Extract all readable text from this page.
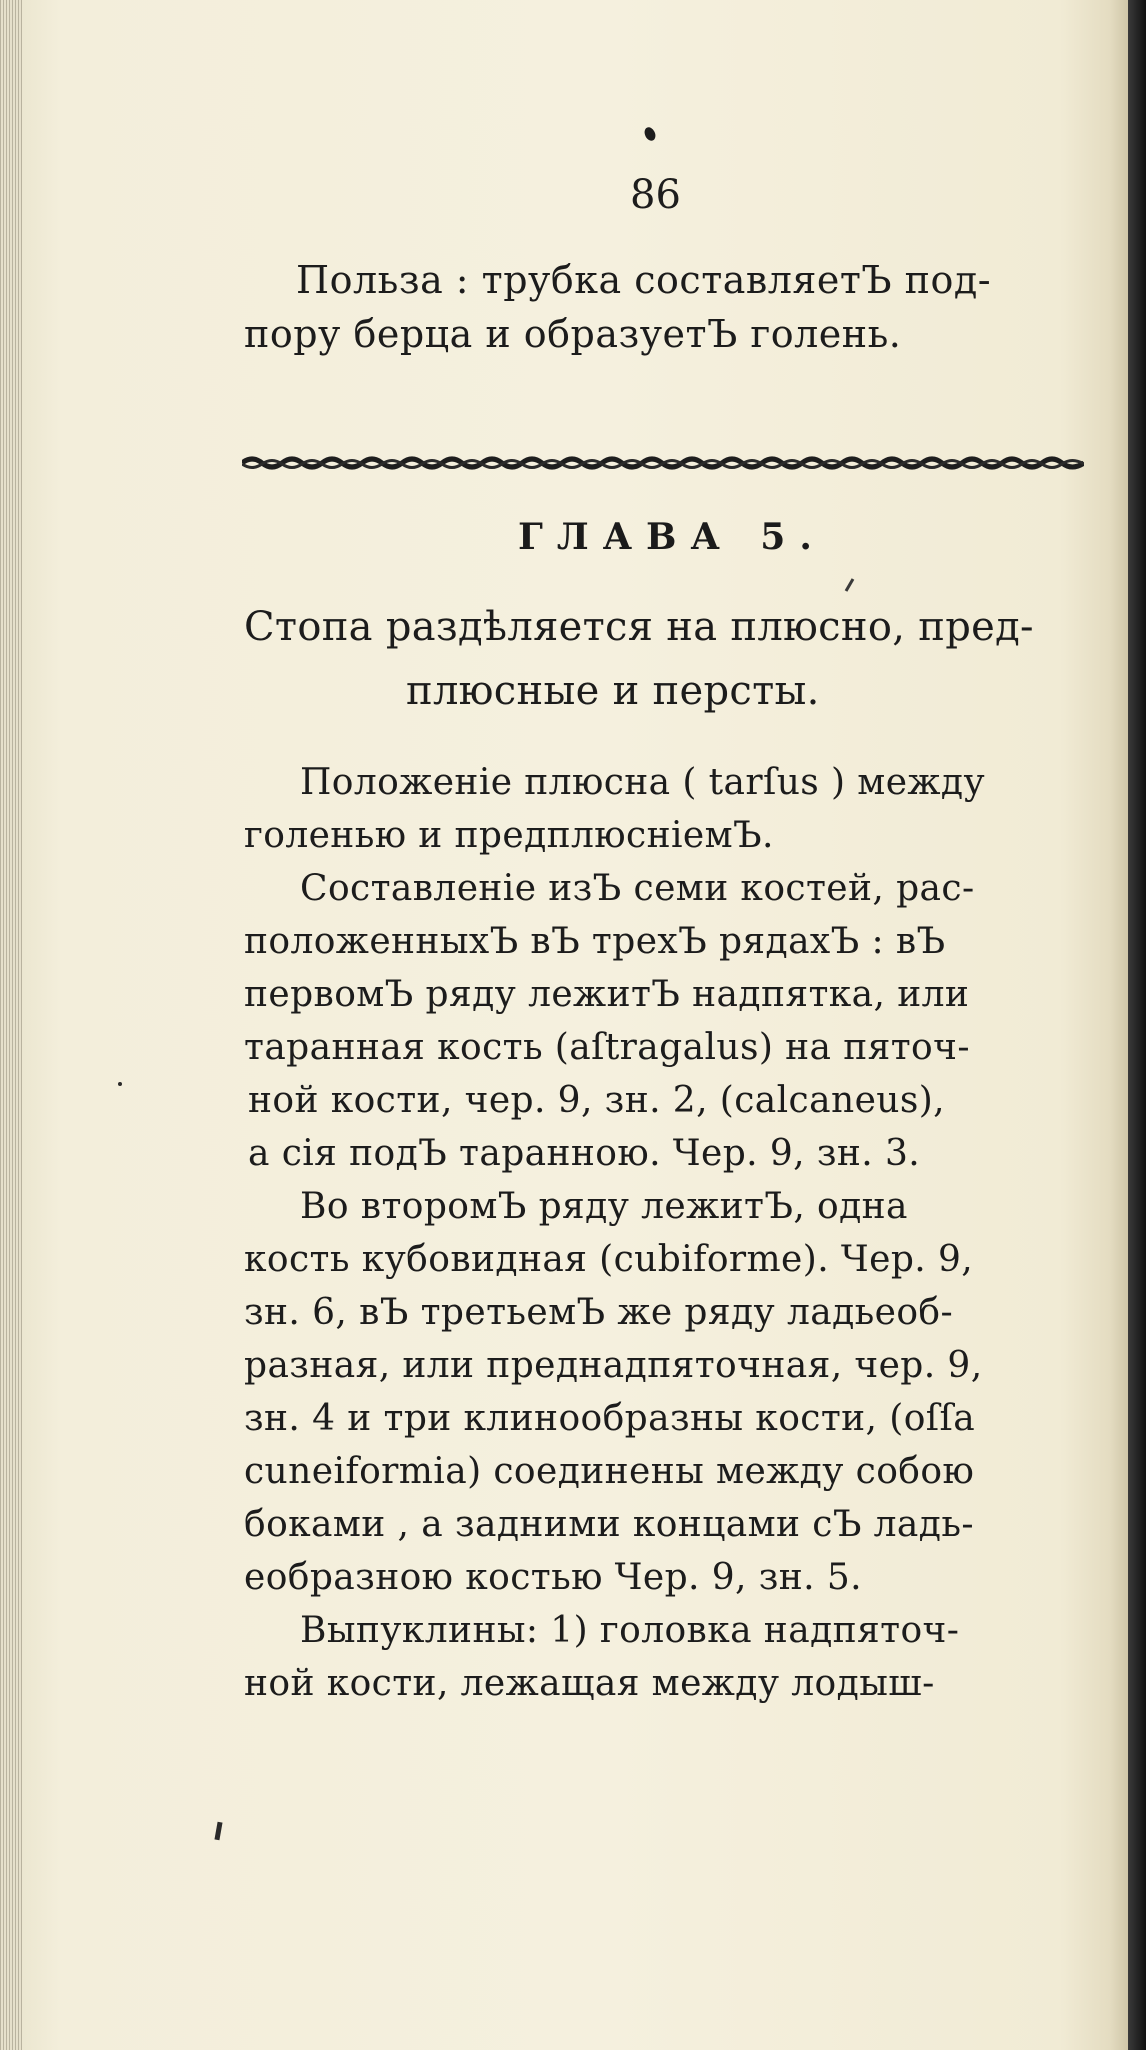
86
Польза : трубка составляетЪ под-
пору берца и образуетЪ голень.
ГЛАВА 5.
Стопа раздѣляется на плюсно, пред-
плюсные и персты.
Положеніе плюсна ( tarſus ) между
голенью и предплюсніемЪ.
Составленіе изЪ семи костей, рас-
положенныхЪ вЪ трехЪ рядахЪ : вЪ
первомЪ ряду лежитЪ надпятка, или
таранная кость (aſtragalus) на пяточ-
ной кости, чер. 9, зн. 2, (calcaneus),
а сія подЪ таранною. Чер. 9, зн. 3.
Во второмЪ ряду лежитЪ, одна
кость кубовидная (cubiforme). Чер. 9,
зн. 6, вЪ третьемЪ же ряду ладьеоб-
разная, или преднадпяточная, чер. 9,
зн. 4 и три клинообразны кости, (oſſa
cuneiformia) соединены между собою
боками , а задними концами сЪ ладь-
еобразною костью Чер. 9, зн. 5.
Выпуклины: 1) головка надпяточ-
ной кости, лежащая между лодыш-
